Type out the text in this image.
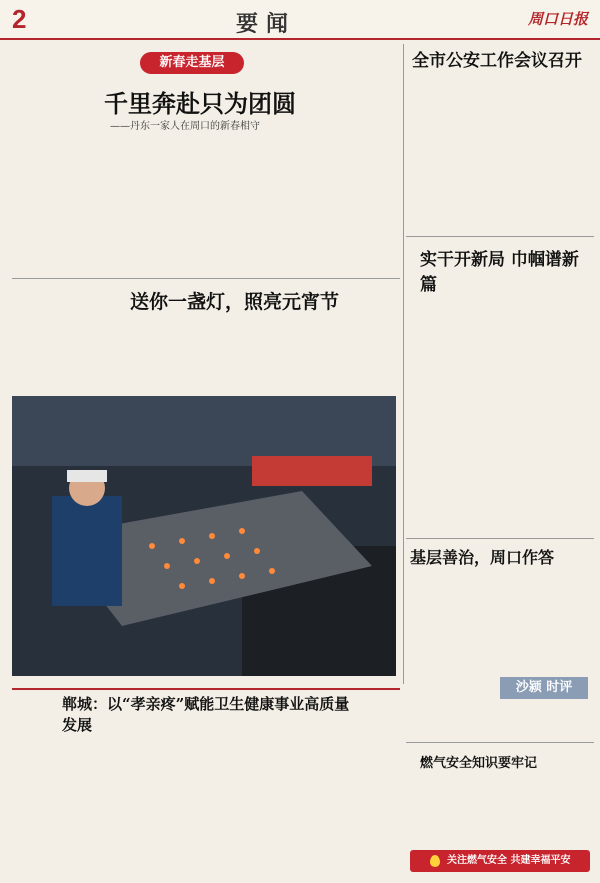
2	要闻	周口日报
新春走基层
千里奔赴只为团圆
——丹东一家人在周口的新春相守
全市公安工作会议召开
实干开新局 巾帼谱新篇
送你一盏灯，照亮元宵节
基层善治，周口作答
沙颍 时评
郸城：以“孝亲疼”赋能卫生健康事业高质量发展
燃气安全知识要牢记
关注燃气安全 共建幸福平安
